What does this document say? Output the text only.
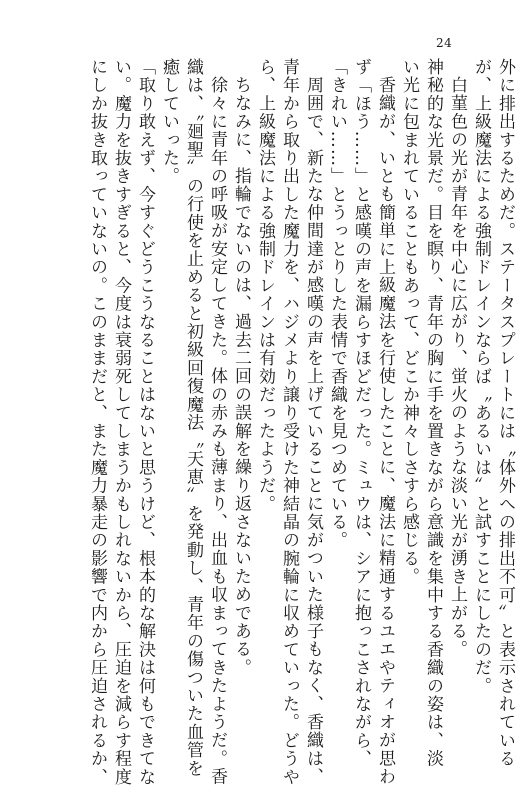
24

外に排出するためだ。ステータスプレートには〝体外への排出不可〟と表示されている

が、上級魔法による強制ドレインならば〝あるいは〟と試すことにしたのだ。

白菫色の光が青年を中心に広がり、蛍火のような淡い光が湧き上がる。

神秘的な光景だ。目を瞑り、青年の胸に手を置きながら意識を集中する香織の姿は、淡

い光に包まれていることもあって、どこか神々しさすら感じる。

香織が、いとも簡単に上級魔法を行使したことに、魔法に精通するユエやティオが思わ

ず「ほう……」と感嘆の声を漏らすほどだった。ミュウは、シアに抱っこされながら、

「きれい……」とうっとりした表情で香織を見つめている。

周囲で、新たな仲間達が感嘆の声を上げていることに気がついた様子もなく、香織は、

青年から取り出した魔力を、ハジメより譲り受けた神結晶の腕輪に収めていった。どうや

ら、上級魔法による強制ドレインは有効だったようだ。

ちなみに、指輪でないのは、過去二回の誤解を繰り返さないためである。

徐々に青年の呼吸が安定してきた。体の赤みも薄まり、出血も収まってきたようだ。香

織は、〝廻聖〟の行使を止めると初級回復魔法〝天恵〟を発動し、青年の傷ついた血管を

癒していった。

「取り敢えず、今すぐどうこうなることはないと思うけど、根本的な解決は何もできてな

い。魔力を抜きすぎると、今度は衰弱死してしまうかもしれないから、圧迫を減らす程度

にしか抜き取っていないの。このままだと、また魔力暴走の影響で内から圧迫されるか、
